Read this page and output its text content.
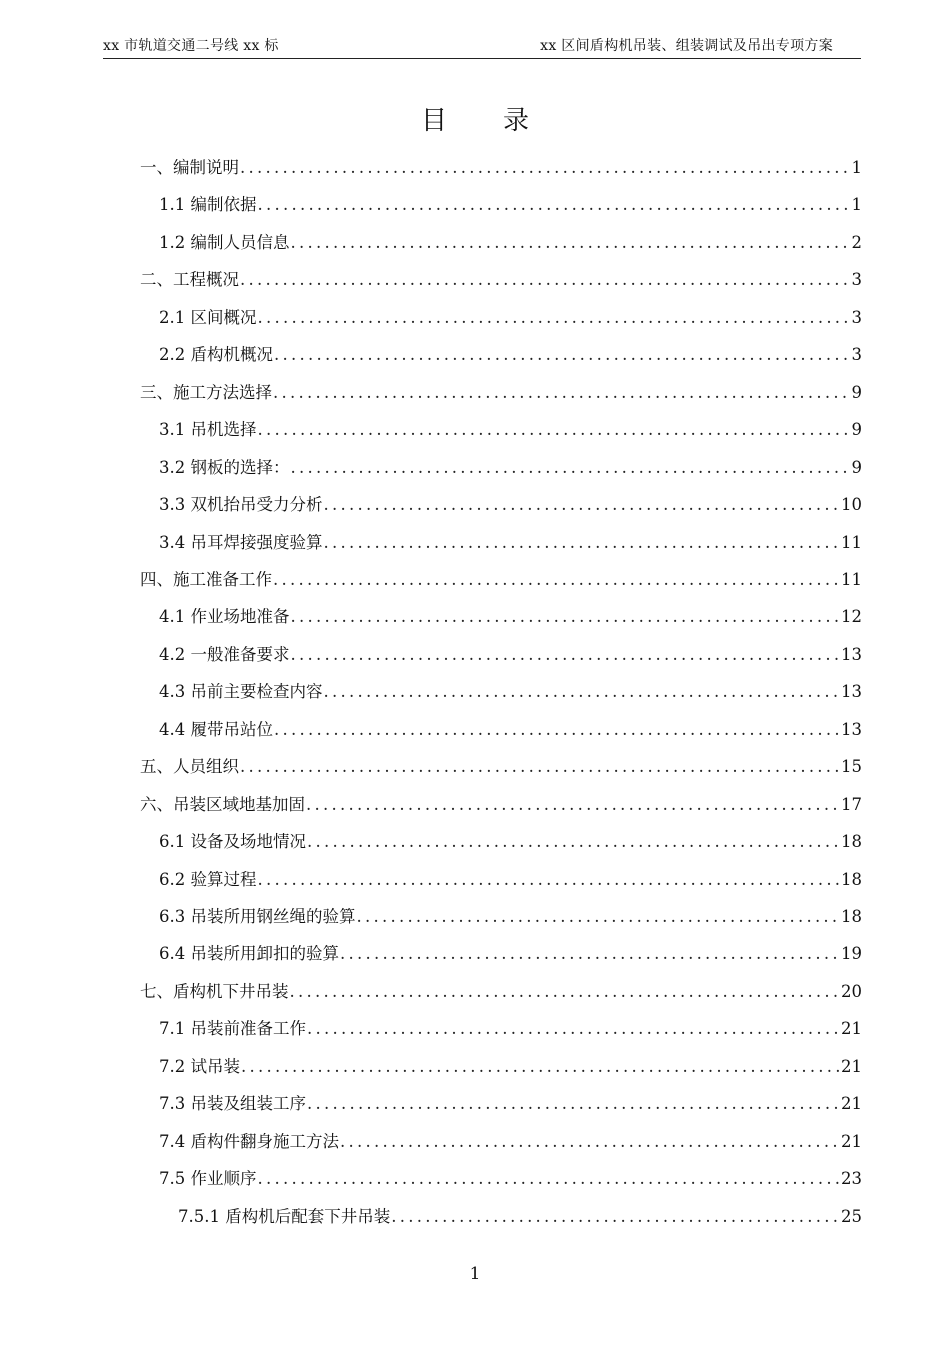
xx 市轨道交通二号线 xx 标	xx 区间盾构机吊装、组装调试及吊出专项方案
目录
一、编制说明 . . .	1
1.1 编制依据 . . .	1
1.2 编制人员信息 . . .	2
二、工程概况 . . .	3
2.1 区间概况 . . .	3
2.2 盾构机概况 . . .	3
三、施工方法选择 . . .	9
3.1 吊机选择 . . .	9
3.2 钢板的选择： . . .	9
3.3 双机抬吊受力分析 . . .	10
3.4 吊耳焊接强度验算 . . .	11
四、施工准备工作 . . .	11
4.1 作业场地准备 . . .	12
4.2 一般准备要求 . . .	13
4.3 吊前主要检查内容 . . .	13
4.4 履带吊站位 . . .	13
五、人员组织 . . .	15
六、吊装区域地基加固 . . .	17
6.1 设备及场地情况 . . .	18
6.2 验算过程 . . .	18
6.3 吊装所用钢丝绳的验算 . . .	18
6.4 吊装所用卸扣的验算 . . .	19
七、盾构机下井吊装 . . .	20
7.1 吊装前准备工作 . . .	21
7.2 试吊装 . . .	21
7.3 吊装及组装工序 . . .	21
7.4 盾构件翻身施工方法 . . .	21
7.5 作业顺序 . . .	23
7.5.1 盾构机后配套下井吊装 . . .	25
1
